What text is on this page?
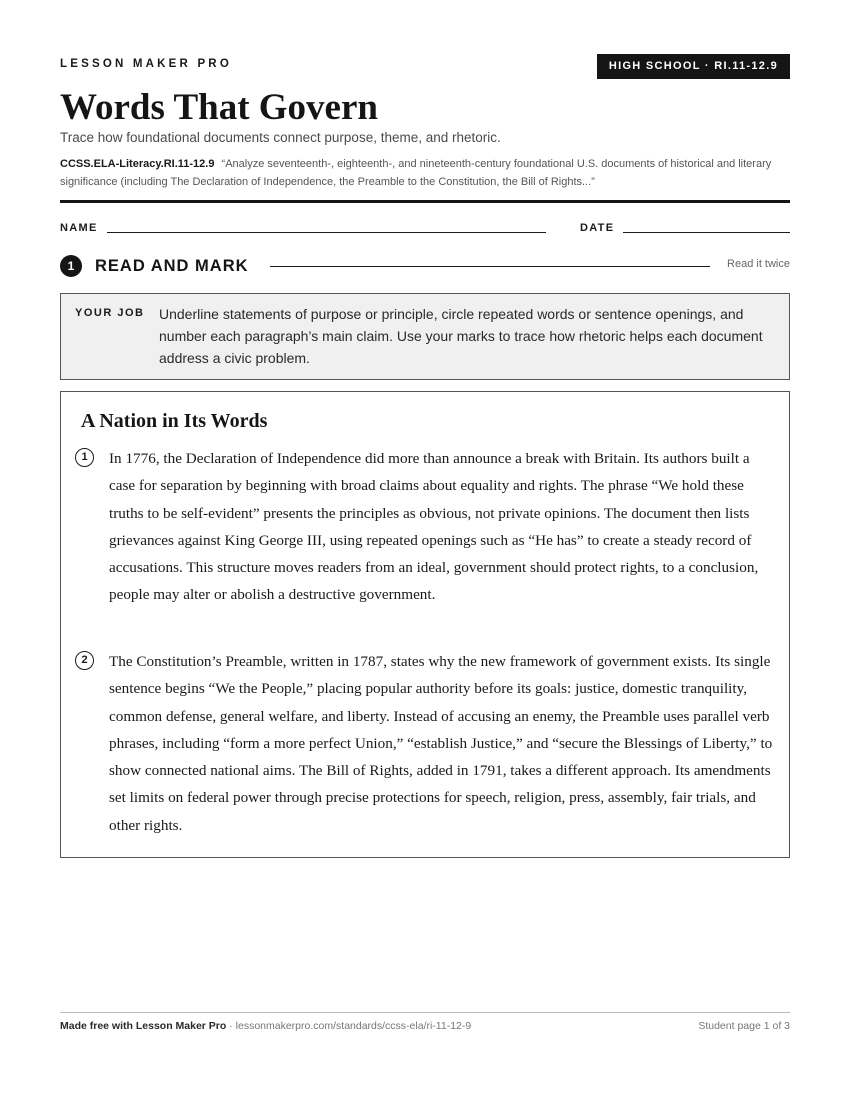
LESSON MAKER PRO	HIGH SCHOOL · RI.11-12.9
Words That Govern
Trace how foundational documents connect purpose, theme, and rhetoric.
CCSS.ELA-Literacy.RI.11-12.9 “Analyze seventeenth-, eighteenth-, and nineteenth-century foundational U.S. documents of historical and literary significance (including The Declaration of Independence, the Preamble to the Constitution, the Bill of Rights...”
NAME	DATE
1	READ AND MARK	Read it twice
YOUR JOB Underline statements of purpose or principle, circle repeated words or sentence openings, and number each paragraph’s main claim. Use your marks to trace how rhetoric helps each document address a civic problem.
A Nation in Its Words
1	In 1776, the Declaration of Independence did more than announce a break with Britain. Its authors built a case for separation by beginning with broad claims about equality and rights. The phrase “We hold these truths to be self-evident” presents the principles as obvious, not private opinions. The document then lists grievances against King George III, using repeated openings such as “He has” to create a steady record of accusations. This structure moves readers from an ideal, government should protect rights, to a conclusion, people may alter or abolish a destructive government.

2	The Constitution’s Preamble, written in 1787, states why the new framework of government exists. Its single sentence begins “We the People,” placing popular authority before its goals: justice, domestic tranquility, common defense, general welfare, and liberty. Instead of accusing an enemy, the Preamble uses parallel verb phrases, including “form a more perfect Union,” “establish Justice,” and “secure the Blessings of Liberty,” to show connected national aims. The Bill of Rights, added in 1791, takes a different approach. Its amendments set limits on federal power through precise protections for speech, religion, press, assembly, fair trials, and other rights.

Made free with Lesson Maker Pro · lessonmakerpro.com/standards/ccss-ela/ri-11-12-9	Student page 1 of 3
